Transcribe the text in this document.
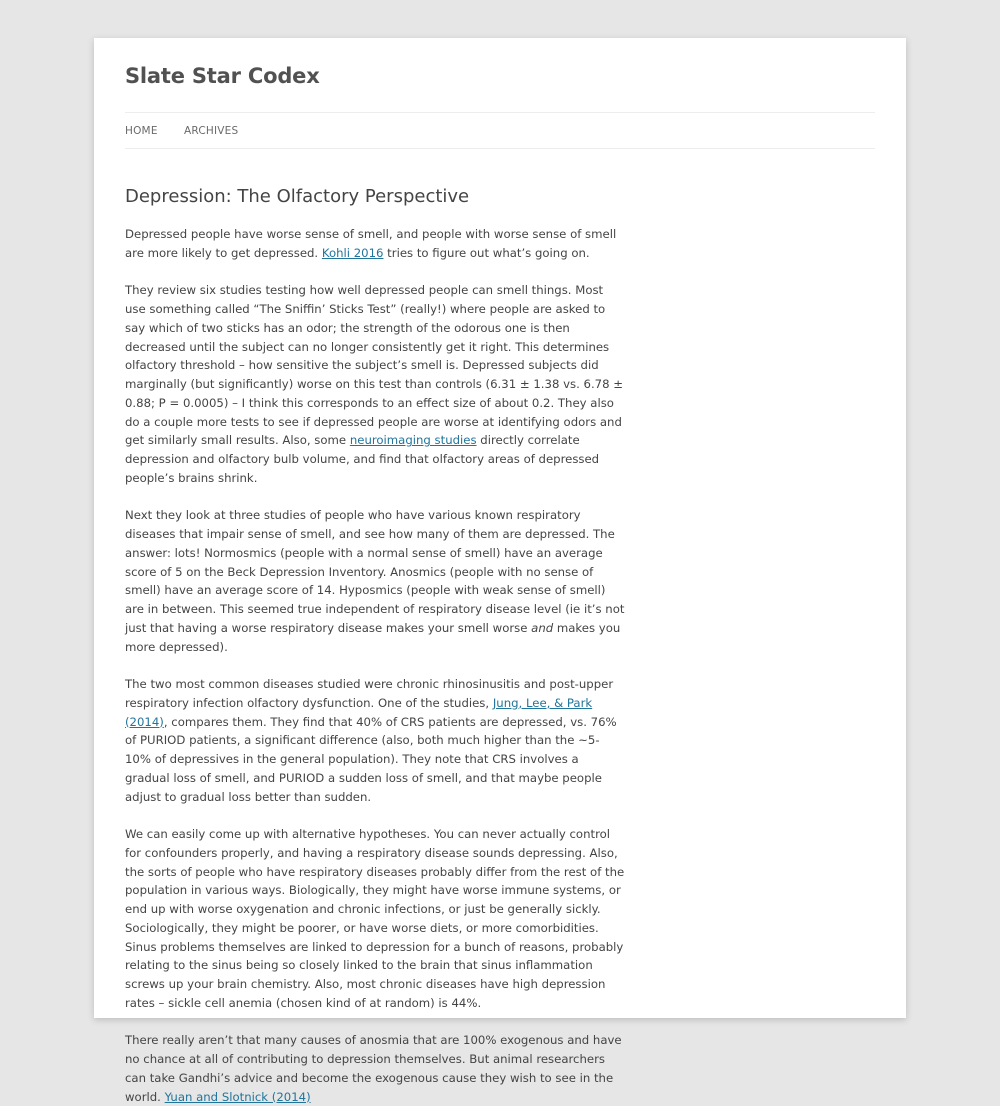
Slate Star Codex
HOME	ARCHIVES
Depression: The Olfactory Perspective

Depressed people have worse sense of smell, and people with worse sense of smell are more likely to get depressed. Kohli 2016 tries to figure out what’s going on.

They review six studies testing how well depressed people can smell things. Most use something called “The Sniffin’ Sticks Test” (really!) where people are asked to say which of two sticks has an odor; the strength of the odorous one is then decreased until the subject can no longer consistently get it right. This determines olfactory threshold – how sensitive the subject’s smell is. Depressed subjects did marginally (but significantly) worse on this test than controls (6.31 ± 1.38 vs. 6.78 ± 0.88; P = 0.0005) – I think this corresponds to an effect size of about 0.2. They also do a couple more tests to see if depressed people are worse at identifying odors and get similarly small results. Also, some neuroimaging studies directly correlate depression and olfactory bulb volume, and find that olfactory areas of depressed people’s brains shrink.

Next they look at three studies of people who have various known respiratory diseases that impair sense of smell, and see how many of them are depressed. The answer: lots! Normosmics (people with a normal sense of smell) have an average score of 5 on the Beck Depression Inventory. Anosmics (people with no sense of smell) have an average score of 14. Hyposmics (people with weak sense of smell) are in between. This seemed true independent of respiratory disease level (ie it’s not just that having a worse respiratory disease makes your smell worse and makes you more depressed).

The two most common diseases studied were chronic rhinosinusitis and post-upper respiratory infection olfactory dysfunction. One of the studies, Jung, Lee, & Park (2014), compares them. They find that 40% of CRS patients are depressed, vs. 76% of PURIOD patients, a significant difference (also, both much higher than the ~5-10% of depressives in the general population). They note that CRS involves a gradual loss of smell, and PURIOD a sudden loss of smell, and that maybe people adjust to gradual loss better than sudden.

We can easily come up with alternative hypotheses. You can never actually control for confounders properly, and having a respiratory disease sounds depressing. Also, the sorts of people who have respiratory diseases probably differ from the rest of the population in various ways. Biologically, they might have worse immune systems, or end up with worse oxygenation and chronic infections, or just be generally sickly. Sociologically, they might be poorer, or have worse diets, or more comorbidities. Sinus problems themselves are linked to depression for a bunch of reasons, probably relating to the sinus being so closely linked to the brain that sinus inflammation screws up your brain chemistry. Also, most chronic diseases have high depression rates – sickle cell anemia (chosen kind of at random) is 44%.

There really aren’t that many causes of anosmia that are 100% exogenous and have no chance at all of contributing to depression themselves. But animal researchers can take Gandhi’s advice and become the exogenous cause they wish to see in the world. Yuan and Slotnick (2014)
